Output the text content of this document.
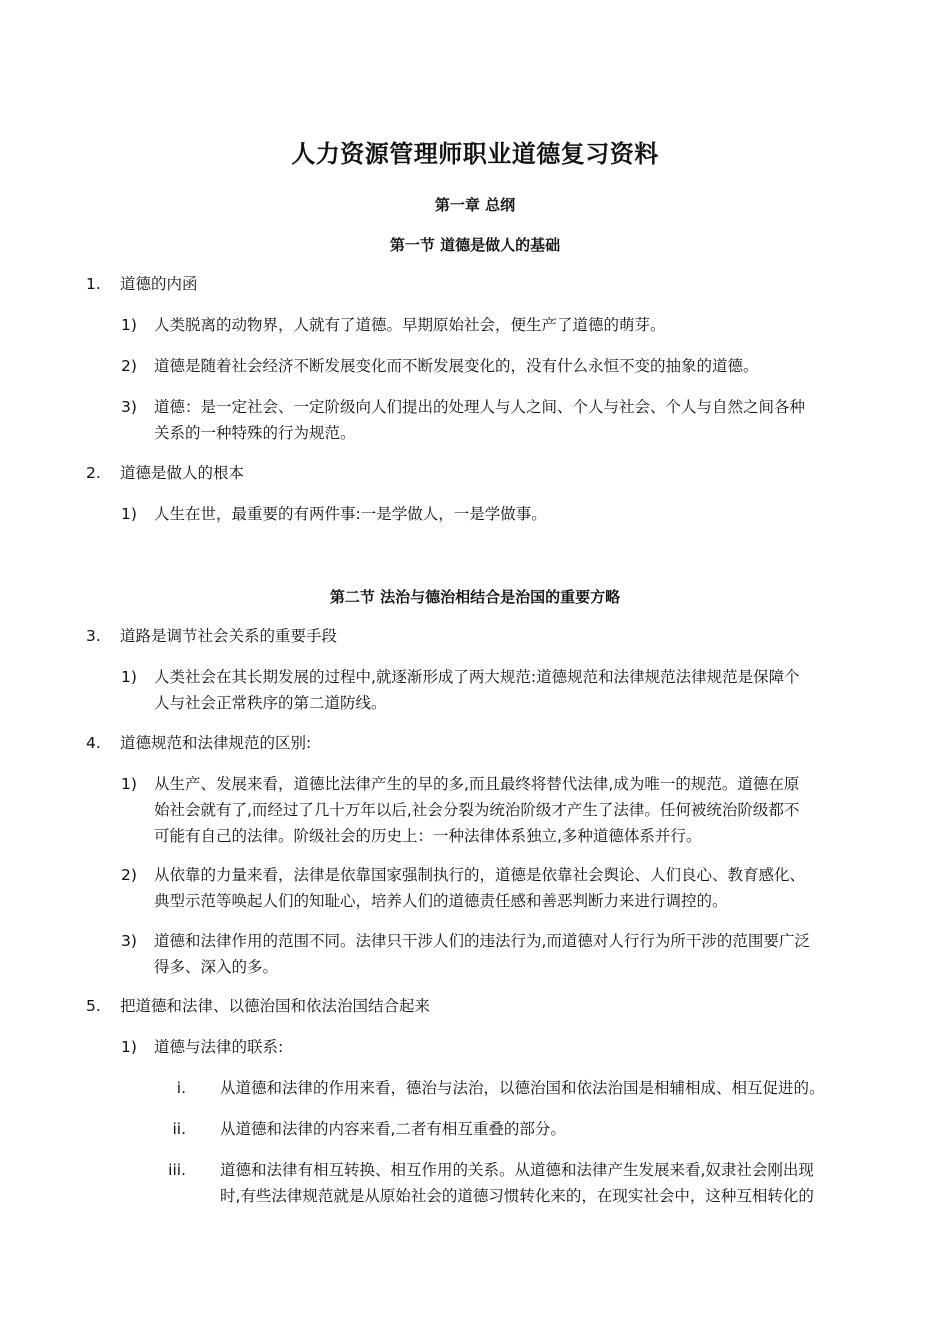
人力资源管理师职业道德复习资料
第一章 总纲
第一节 道德是做人的基础
1. 道德的内函
1) 人类脱离的动物界，人就有了道德。早期原始社会，便生产了道德的萌芽。
2) 道德是随着社会经济不断发展变化而不断发展变化的，没有什么永恒不变的抽象的道德。
3) 道德：是一定社会、一定阶级向人们提出的处理人与人之间、个人与社会、个人与自然之间各种
关系的一种特殊的行为规范。
2. 道德是做人的根本
1) 人生在世，最重要的有两件事:一是学做人，一是学做事。
第二节 法治与德治相结合是治国的重要方略
3. 道路是调节社会关系的重要手段
1) 人类社会在其长期发展的过程中,就逐渐形成了两大规范:道德规范和法律规范法律规范是保障个
人与社会正常秩序的第二道防线。
4. 道德规范和法律规范的区别:
1) 从生产、发展来看，道德比法律产生的早的多,而且最终将替代法律,成为唯一的规范。道德在原
始社会就有了,而经过了几十万年以后,社会分裂为统治阶级才产生了法律。任何被统治阶级都不
可能有自己的法律。阶级社会的历史上：一种法律体系独立,多种道德体系并行。
2) 从依靠的力量来看，法律是依靠国家强制执行的，道德是依靠社会舆论、人们良心、教育感化、
典型示范等唤起人们的知耻心，培养人们的道德责任感和善恶判断力来进行调控的。
3) 道德和法律作用的范围不同。法律只干涉人们的违法行为,而道德对人行行为所干涉的范围要广泛
得多、深入的多。
5. 把道德和法律、以德治国和依法治国结合起来
1) 道德与法律的联系:
i. 从道德和法律的作用来看，德治与法治，以德治国和依法治国是相辅相成、相互促进的。
ii. 从道德和法律的内容来看,二者有相互重叠的部分。
iii. 道德和法律有相互转换、相互作用的关系。从道德和法律产生发展来看,奴隶社会刚出现
时,有些法律规范就是从原始社会的道德习惯转化来的，在现实社会中，这种互相转化的
